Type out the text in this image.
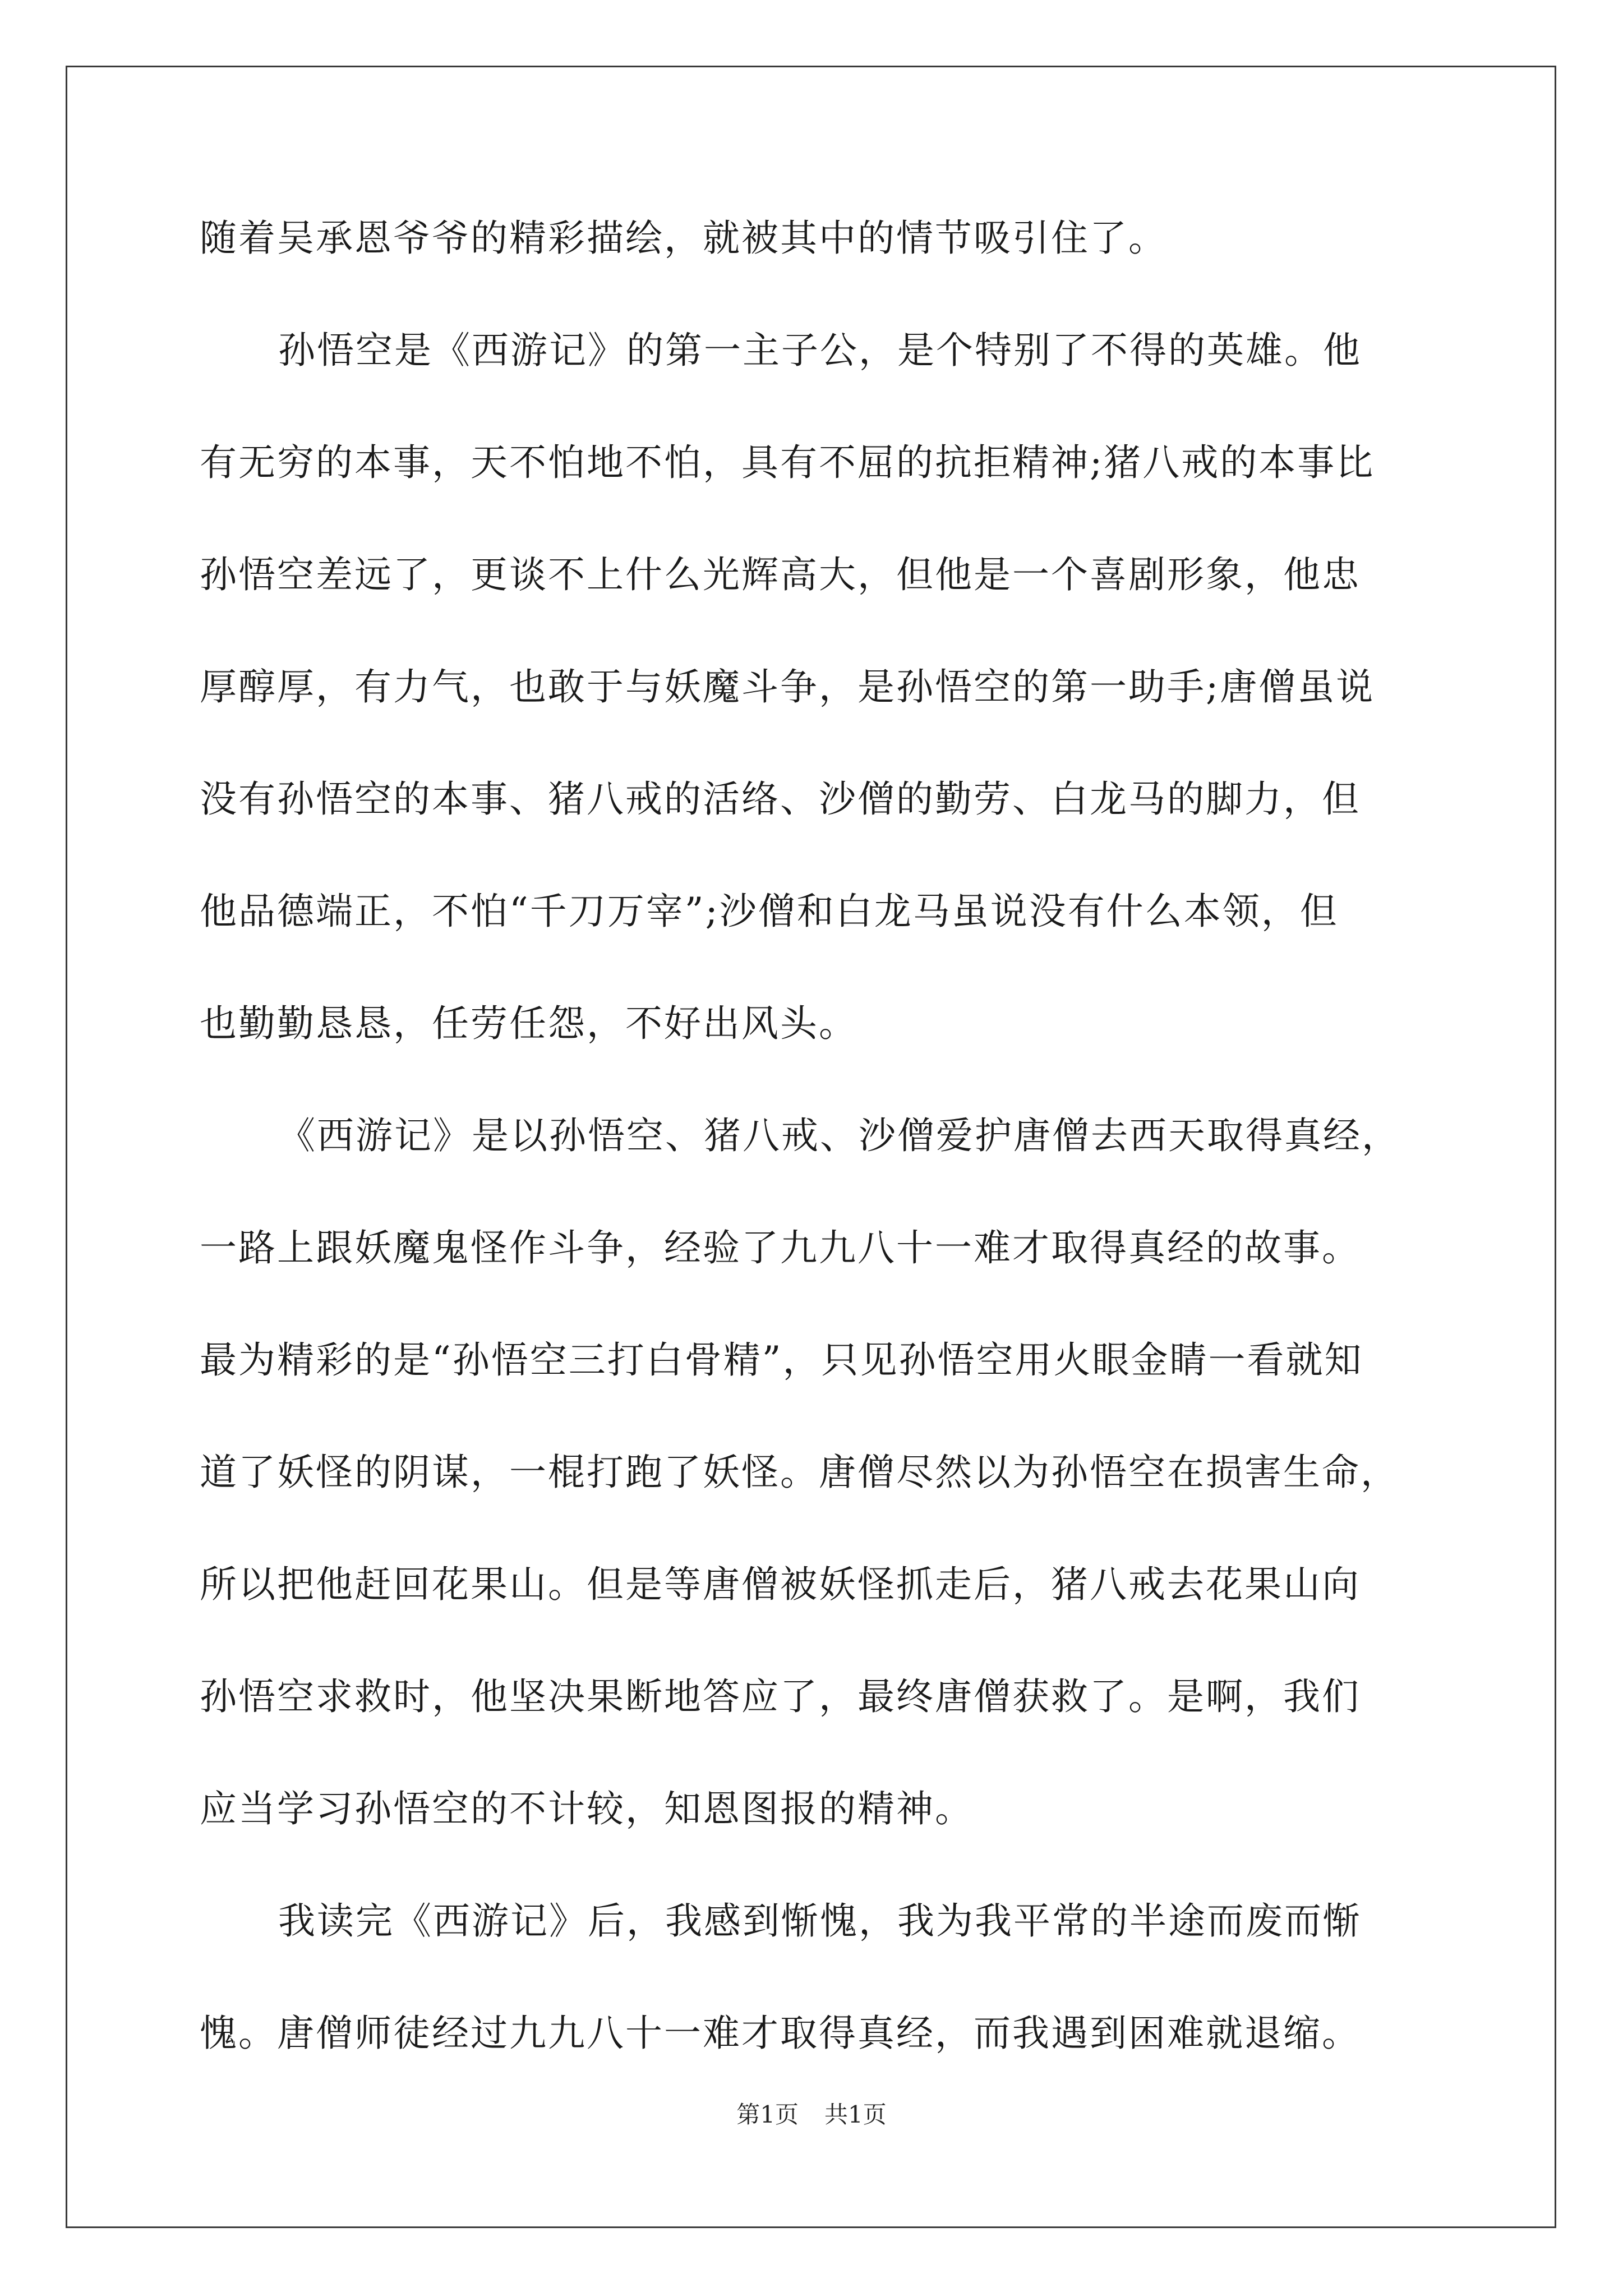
随着吴承恩爷爷的精彩描绘，就被其中的情节吸引住了。
孙悟空是《西游记》的第一主子公，是个特别了不得的英雄。他
有无穷的本事，天不怕地不怕，具有不屈的抗拒精神;猪八戒的本事比
孙悟空差远了，更谈不上什么光辉高大，但他是一个喜剧形象，他忠
厚醇厚，有力气，也敢于与妖魔斗争，是孙悟空的第一助手;唐僧虽说
没有孙悟空的本事、猪八戒的活络、沙僧的勤劳、白龙马的脚力，但
他品德端正，不怕“千刀万宰”;沙僧和白龙马虽说没有什么本领，但
也勤勤恳恳，任劳任怨，不好出风头。
《西游记》是以孙悟空、猪八戒、沙僧爱护唐僧去西天取得真经，
一路上跟妖魔鬼怪作斗争，经验了九九八十一难才取得真经的故事。
最为精彩的是“孙悟空三打白骨精”，只见孙悟空用火眼金睛一看就知
道了妖怪的阴谋，一棍打跑了妖怪。唐僧尽然以为孙悟空在损害生命，
所以把他赶回花果山。但是等唐僧被妖怪抓走后，猪八戒去花果山向
孙悟空求救时，他坚决果断地答应了，最终唐僧获救了。是啊，我们
应当学习孙悟空的不计较，知恩图报的精神。
我读完《西游记》后，我感到惭愧，我为我平常的半途而废而惭
愧。唐僧师徒经过九九八十一难才取得真经，而我遇到困难就退缩。
第1页 共1页
